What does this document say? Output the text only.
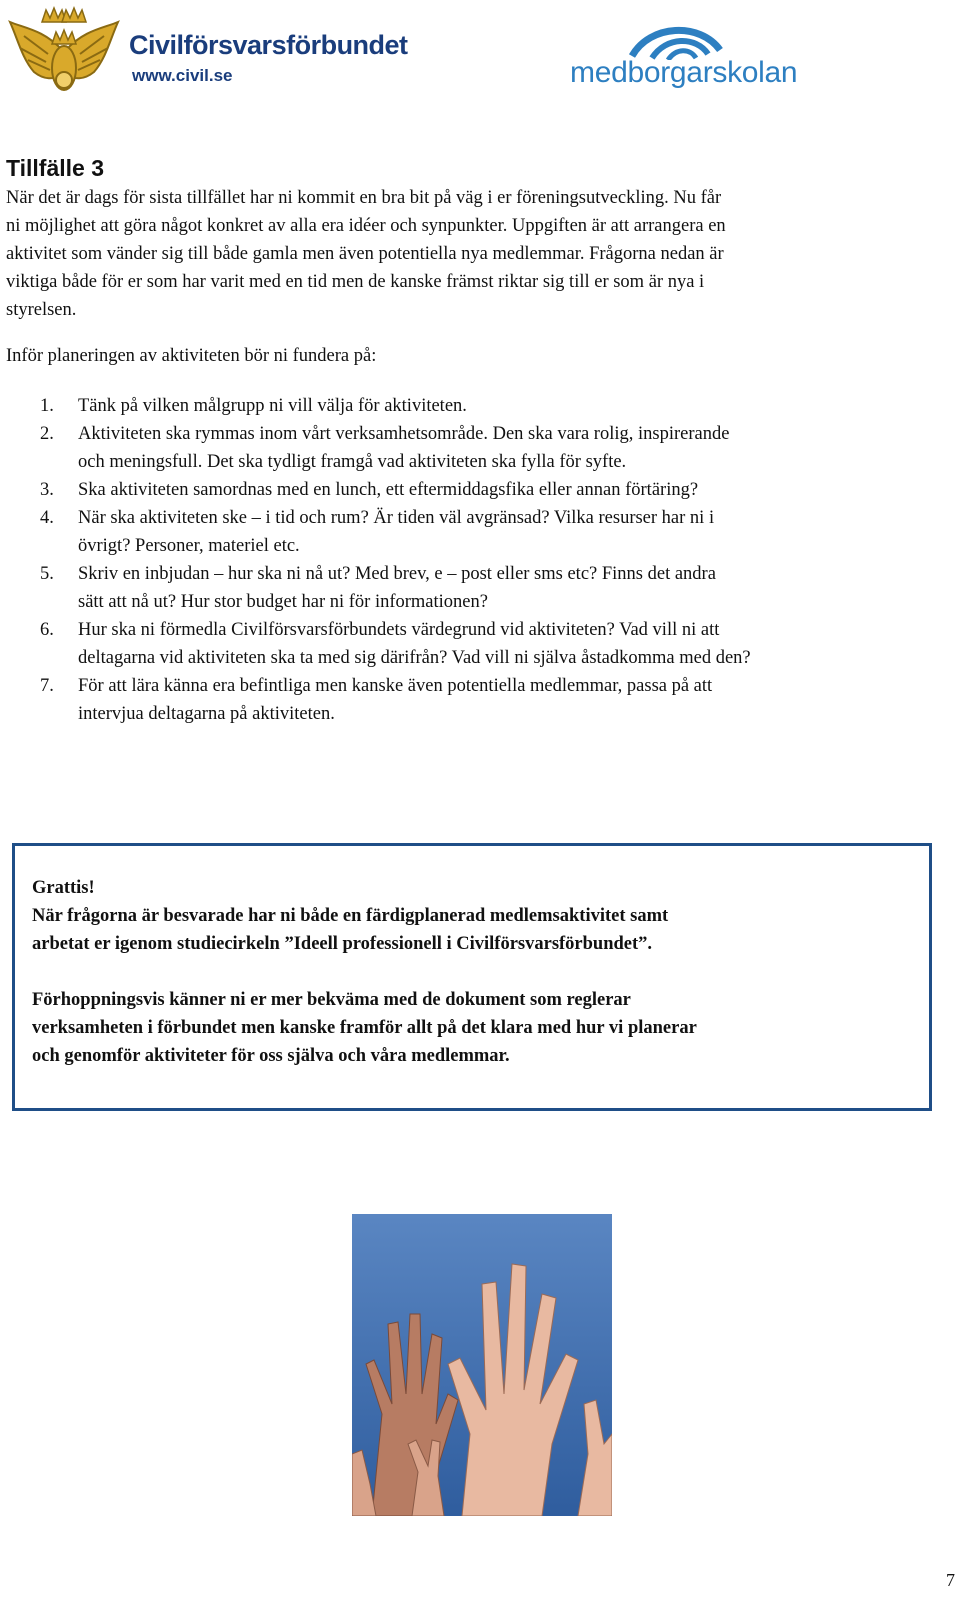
Civilförsvarsförbundet
www.civil.se	medborgarskolan
Tillfälle 3
När det är dags för sista tillfället har ni kommit en bra bit på väg i er föreningsutveckling. Nu får
ni möjlighet att göra något konkret av alla era idéer och synpunkter. Uppgiften är att arrangera en
aktivitet som vänder sig till både gamla men även potentiella nya medlemmar. Frågorna nedan är
viktiga både för er som har varit med en tid men de kanske främst riktar sig till er som är nya i
styrelsen.
Inför planeringen av aktiviteten bör ni fundera på:
1. Tänk på vilken målgrupp ni vill välja för aktiviteten.
2. Aktiviteten ska rymmas inom vårt verksamhetsområde. Den ska vara rolig, inspirerande
och meningsfull. Det ska tydligt framgå vad aktiviteten ska fylla för syfte.
3. Ska aktiviteten samordnas med en lunch, ett eftermiddagsfika eller annan förtäring?
4. När ska aktiviteten ske – i tid och rum? Är tiden väl avgränsad? Vilka resurser har ni i
övrigt? Personer, materiel etc.
5. Skriv en inbjudan – hur ska ni nå ut? Med brev, e – post eller sms etc? Finns det andra
sätt att nå ut? Hur stor budget har ni för informationen?
6. Hur ska ni förmedla Civilförsvarsförbundets värdegrund vid aktiviteten? Vad vill ni att
deltagarna vid aktiviteten ska ta med sig därifrån? Vad vill ni själva åstadkomma med den?
7. För att lära känna era befintliga men kanske även potentiella medlemmar, passa på att
intervjua deltagarna på aktiviteten.

Grattis!

När frågorna är besvarade har ni både en färdigplanerad medlemsaktivitet samt

arbetat er igenom studiecirkeln ”Ideell professionell i Civilförsvarsförbundet”.

Förhoppningsvis känner ni er mer bekväma med de dokument som reglerar

verksamheten i förbundet men kanske framför allt på det klara med hur vi planerar

och genomför aktiviteter för oss själva och våra medlemmar.

7
